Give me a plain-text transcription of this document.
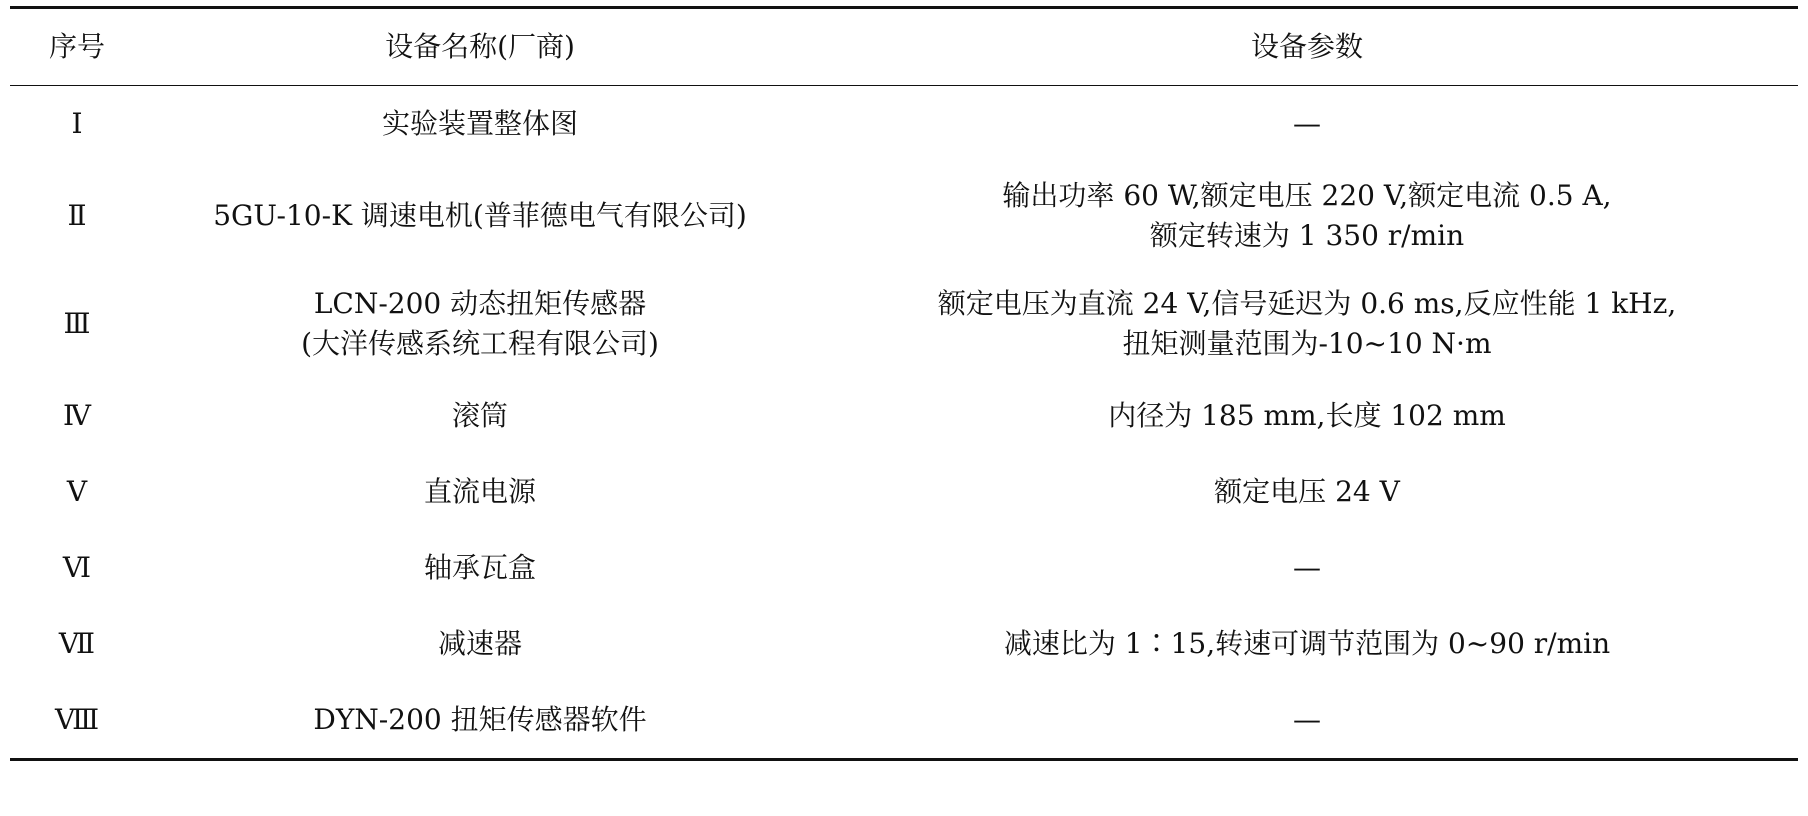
序号	设备名称(厂商)	设备参数
Ⅰ	实验装置整体图	—

Ⅱ	5GU-10-K 调速电机(普菲德电气有限公司)	输出功率 60 W,额定电压 220 V,额定电流 0.5 A,
额定转速为 1 350 r/min

Ⅲ	LCN-200 动态扭矩传感器
(大洋传感系统工程有限公司)	额定电压为直流 24 V,信号延迟为 0.6 ms,反应性能 1 kHz,
扭矩测量范围为-10~10 N·m

Ⅳ	滚筒	内径为 185 mm,长度 102 mm

Ⅴ	直流电源	额定电压 24 V

Ⅵ	轴承瓦盒	—

Ⅶ	减速器	减速比为 1∶15,转速可调节范围为 0~90 r/min

Ⅷ	DYN-200 扭矩传感器软件	—
